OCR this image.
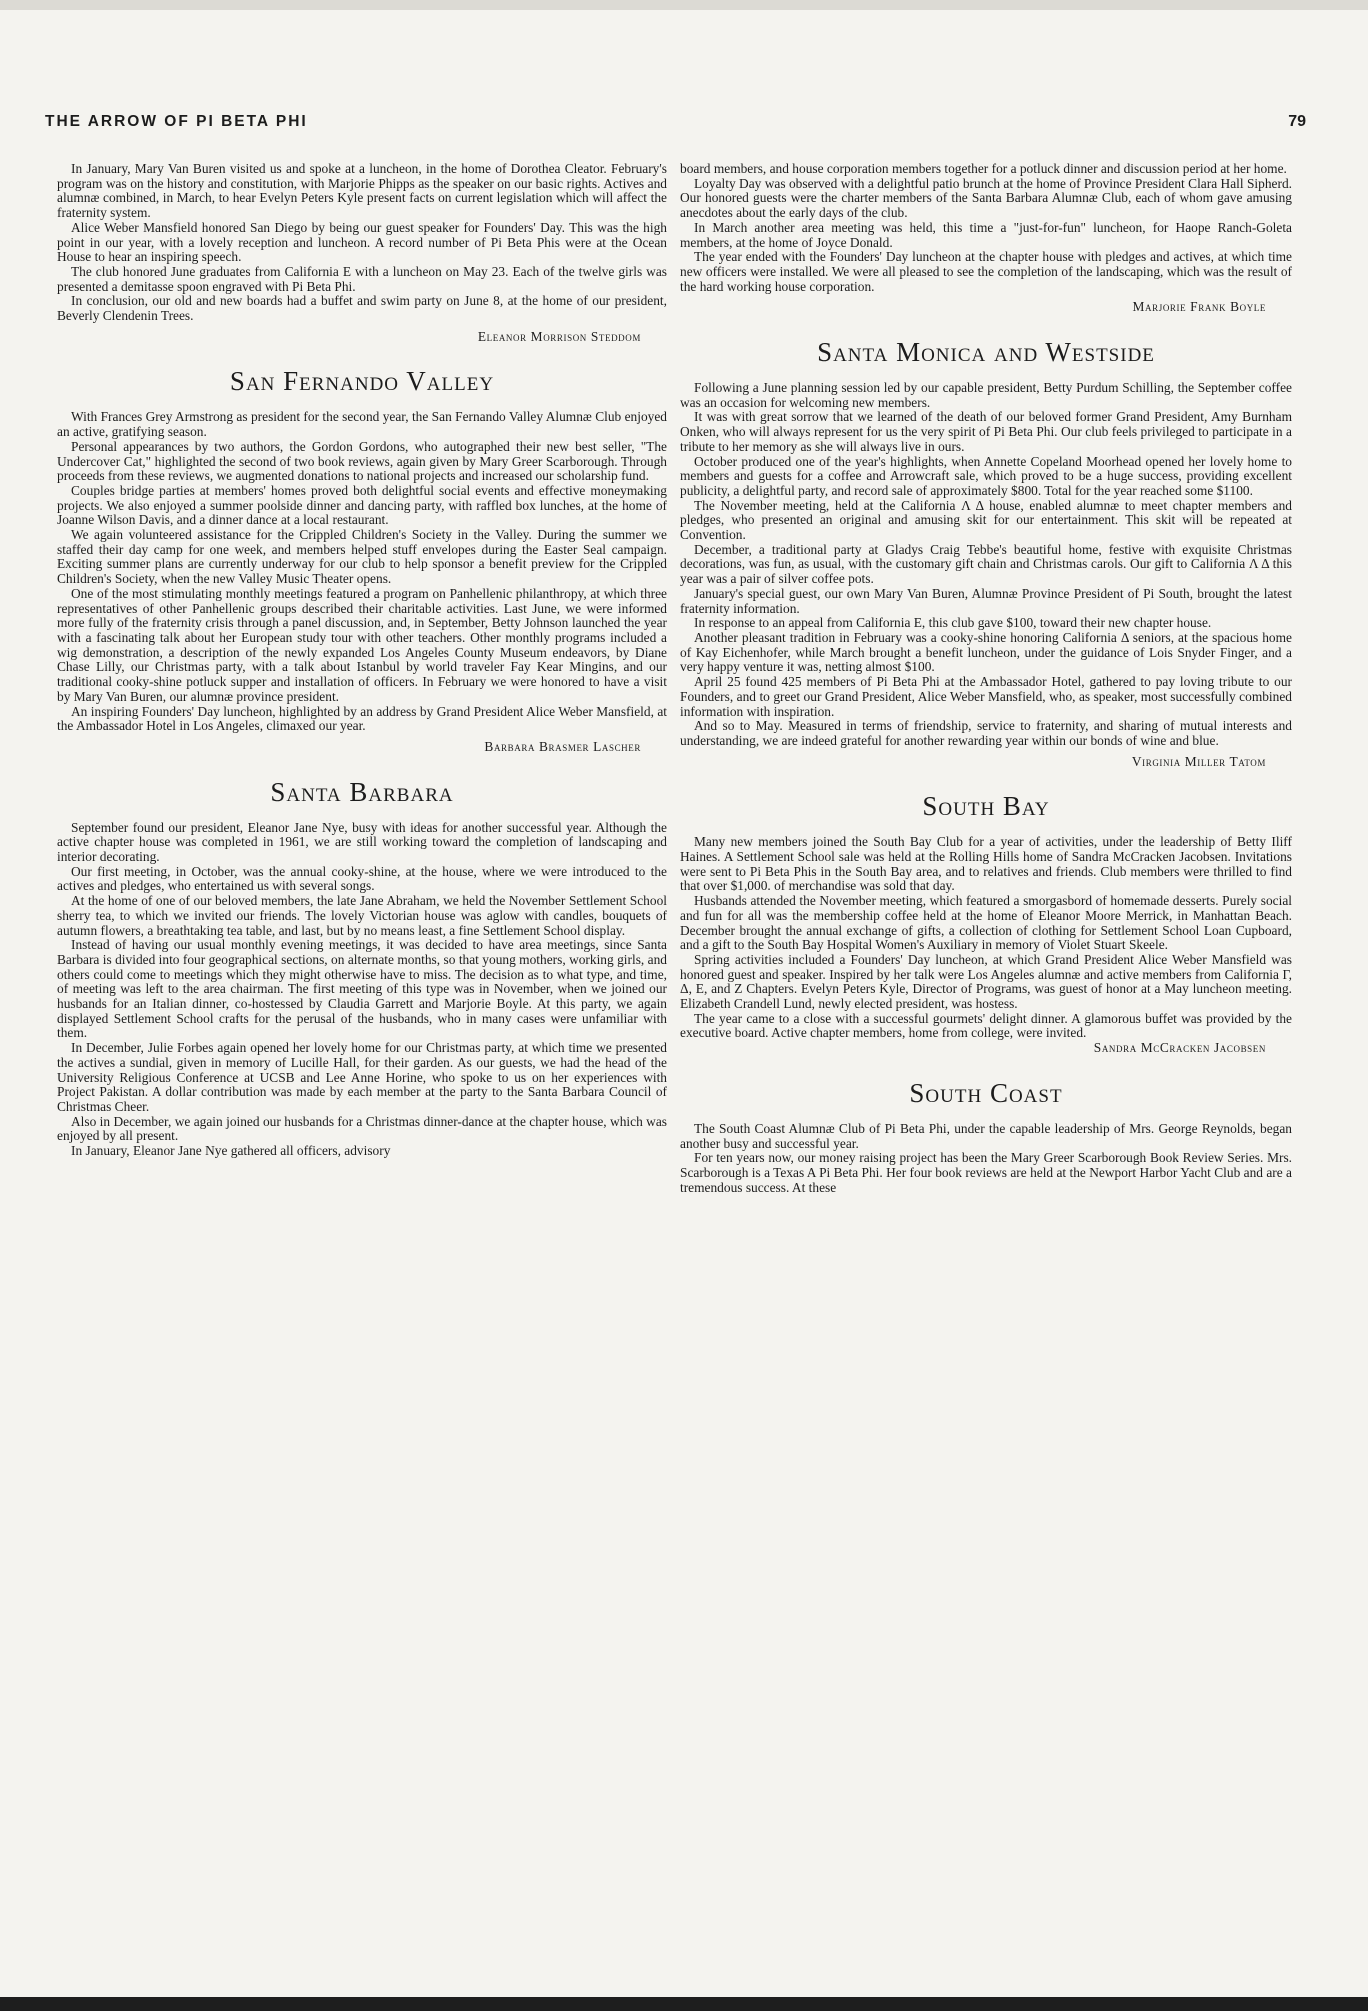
THE ARROW OF PI BETA PHI	79

In January, Mary Van Buren visited us and spoke at a luncheon, in the home of Dorothea Cleator. February's program was on the history and constitution, with Marjorie Phipps as the speaker on our basic rights. Actives and alumnæ combined, in March, to hear Evelyn Peters Kyle present facts on current legislation which will affect the fraternity system.

Alice Weber Mansfield honored San Diego by being our guest speaker for Founders' Day. This was the high point in our year, with a lovely reception and luncheon. A record number of Pi Beta Phis were at the Ocean House to hear an inspiring speech.

The club honored June graduates from California E with a luncheon on May 23. Each of the twelve girls was presented a demitasse spoon engraved with Pi Beta Phi.

In conclusion, our old and new boards had a buffet and swim party on June 8, at the home of our president, Beverly Clendenin Trees.

Eleanor Morrison Steddom
San Fernando Valley

With Frances Grey Armstrong as president for the second year, the San Fernando Valley Alumnæ Club enjoyed an active, gratifying season.

Personal appearances by two authors, the Gordon Gordons, who autographed their new best seller, "The Undercover Cat," highlighted the second of two book reviews, again given by Mary Greer Scarborough. Through proceeds from these reviews, we augmented donations to national projects and increased our scholarship fund.

Couples bridge parties at members' homes proved both delightful social events and effective moneymaking projects. We also enjoyed a summer poolside dinner and dancing party, with raffled box lunches, at the home of Joanne Wilson Davis, and a dinner dance at a local restaurant.

We again volunteered assistance for the Crippled Children's Society in the Valley. During the summer we staffed their day camp for one week, and members helped stuff envelopes during the Easter Seal campaign. Exciting summer plans are currently underway for our club to help sponsor a benefit preview for the Crippled Children's Society, when the new Valley Music Theater opens.

One of the most stimulating monthly meetings featured a program on Panhellenic philanthropy, at which three representatives of other Panhellenic groups described their charitable activities. Last June, we were informed more fully of the fraternity crisis through a panel discussion, and, in September, Betty Johnson launched the year with a fascinating talk about her European study tour with other teachers. Other monthly programs included a wig demonstration, a description of the newly expanded Los Angeles County Museum endeavors, by Diane Chase Lilly, our Christmas party, with a talk about Istanbul by world traveler Fay Kear Mingins, and our traditional cooky-shine potluck supper and installation of officers. In February we were honored to have a visit by Mary Van Buren, our alumnæ province president.

An inspiring Founders' Day luncheon, highlighted by an address by Grand President Alice Weber Mansfield, at the Ambassador Hotel in Los Angeles, climaxed our year.

Barbara Brasmer Lascher
Santa Barbara

September found our president, Eleanor Jane Nye, busy with ideas for another successful year. Although the active chapter house was completed in 1961, we are still working toward the completion of landscaping and interior decorating.

Our first meeting, in October, was the annual cooky-shine, at the house, where we were introduced to the actives and pledges, who entertained us with several songs.

At the home of one of our beloved members, the late Jane Abraham, we held the November Settlement School sherry tea, to which we invited our friends. The lovely Victorian house was aglow with candles, bouquets of autumn flowers, a breathtaking tea table, and last, but by no means least, a fine Settlement School display.

Instead of having our usual monthly evening meetings, it was decided to have area meetings, since Santa Barbara is divided into four geographical sections, on alternate months, so that young mothers, working girls, and others could come to meetings which they might otherwise have to miss. The decision as to what type, and time, of meeting was left to the area chairman. The first meeting of this type was in November, when we joined our husbands for an Italian dinner, co-hostessed by Claudia Garrett and Marjorie Boyle. At this party, we again displayed Settlement School crafts for the perusal of the husbands, who in many cases were unfamiliar with them.

In December, Julie Forbes again opened her lovely home for our Christmas party, at which time we presented the actives a sundial, given in memory of Lucille Hall, for their garden. As our guests, we had the head of the University Religious Conference at UCSB and Lee Anne Horine, who spoke to us on her experiences with Project Pakistan. A dollar contribution was made by each member at the party to the Santa Barbara Council of Christmas Cheer.

Also in December, we again joined our husbands for a Christmas dinner-dance at the chapter house, which was enjoyed by all present.

In January, Eleanor Jane Nye gathered all officers, advisory

board members, and house corporation members together for a potluck dinner and discussion period at her home.

Loyalty Day was observed with a delightful patio brunch at the home of Province President Clara Hall Sipherd. Our honored guests were the charter members of the Santa Barbara Alumnæ Club, each of whom gave amusing anecdotes about the early days of the club.

In March another area meeting was held, this time a "just-for-fun" luncheon, for Haope Ranch-Goleta members, at the home of Joyce Donald.

The year ended with the Founders' Day luncheon at the chapter house with pledges and actives, at which time new officers were installed. We were all pleased to see the completion of the landscaping, which was the result of the hard working house corporation.

Marjorie Frank Boyle
Santa Monica and Westside

Following a June planning session led by our capable president, Betty Purdum Schilling, the September coffee was an occasion for welcoming new members.

It was with great sorrow that we learned of the death of our beloved former Grand President, Amy Burnham Onken, who will always represent for us the very spirit of Pi Beta Phi. Our club feels privileged to participate in a tribute to her memory as she will always live in ours.

October produced one of the year's highlights, when Annette Copeland Moorhead opened her lovely home to members and guests for a coffee and Arrowcraft sale, which proved to be a huge success, providing excellent publicity, a delightful party, and record sale of approximately $800. Total for the year reached some $1100.

The November meeting, held at the California Λ Δ house, enabled alumnæ to meet chapter members and pledges, who presented an original and amusing skit for our entertainment. This skit will be repeated at Convention.

December, a traditional party at Gladys Craig Tebbe's beautiful home, festive with exquisite Christmas decorations, was fun, as usual, with the customary gift chain and Christmas carols. Our gift to California Λ Δ this year was a pair of silver coffee pots.

January's special guest, our own Mary Van Buren, Alumnæ Province President of Pi South, brought the latest fraternity information.

In response to an appeal from California E, this club gave $100, toward their new chapter house.

Another pleasant tradition in February was a cooky-shine honoring California Δ seniors, at the spacious home of Kay Eichenhofer, while March brought a benefit luncheon, under the guidance of Lois Snyder Finger, and a very happy venture it was, netting almost $100.

April 25 found 425 members of Pi Beta Phi at the Ambassador Hotel, gathered to pay loving tribute to our Founders, and to greet our Grand President, Alice Weber Mansfield, who, as speaker, most successfully combined information with inspiration.

And so to May. Measured in terms of friendship, service to fraternity, and sharing of mutual interests and understanding, we are indeed grateful for another rewarding year within our bonds of wine and blue.

Virginia Miller Tatom
South Bay

Many new members joined the South Bay Club for a year of activities, under the leadership of Betty Iliff Haines. A Settlement School sale was held at the Rolling Hills home of Sandra McCracken Jacobsen. Invitations were sent to Pi Beta Phis in the South Bay area, and to relatives and friends. Club members were thrilled to find that over $1,000. of merchandise was sold that day.

Husbands attended the November meeting, which featured a smorgasbord of homemade desserts. Purely social and fun for all was the membership coffee held at the home of Eleanor Moore Merrick, in Manhattan Beach. December brought the annual exchange of gifts, a collection of clothing for Settlement School Loan Cupboard, and a gift to the South Bay Hospital Women's Auxiliary in memory of Violet Stuart Skeele.

Spring activities included a Founders' Day luncheon, at which Grand President Alice Weber Mansfield was honored guest and speaker. Inspired by her talk were Los Angeles alumnæ and active members from California Γ, Δ, E, and Z Chapters. Evelyn Peters Kyle, Director of Programs, was guest of honor at a May luncheon meeting. Elizabeth Crandell Lund, newly elected president, was hostess.

The year came to a close with a successful gourmets' delight dinner. A glamorous buffet was provided by the executive board. Active chapter members, home from college, were invited.

Sandra McCracken Jacobsen
South Coast

The South Coast Alumnæ Club of Pi Beta Phi, under the capable leadership of Mrs. George Reynolds, began another busy and successful year.

For ten years now, our money raising project has been the Mary Greer Scarborough Book Review Series. Mrs. Scarborough is a Texas A Pi Beta Phi. Her four book reviews are held at the Newport Harbor Yacht Club and are a tremendous success. At these
